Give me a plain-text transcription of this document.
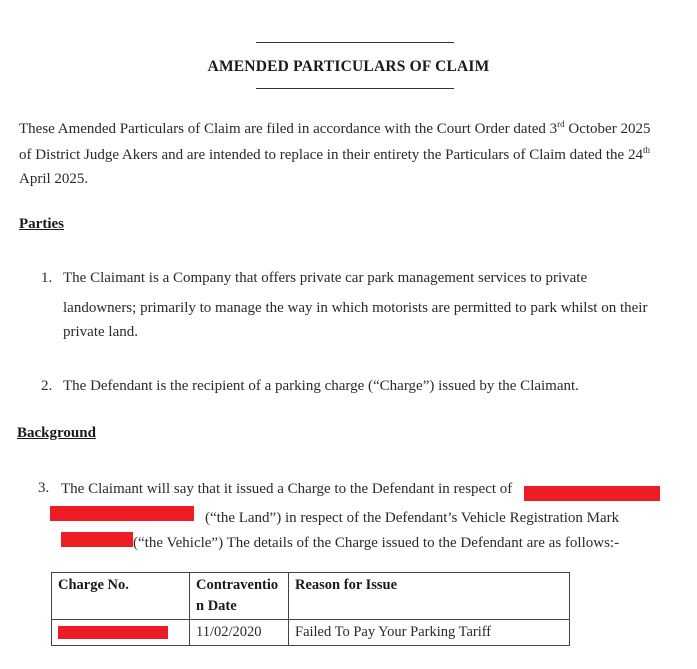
AMENDED PARTICULARS OF CLAIM
These Amended Particulars of Claim are filed in accordance with the Court Order dated 3rd October 2025
of District Judge Akers and are intended to replace in their entirety the Particulars of Claim dated the 24th
April 2025.
Parties
1. The Claimant is a Company that offers private car park management services to private
landowners; primarily to manage the way in which motorists are permitted to park whilst on their
private land.
2. The Defendant is the recipient of a parking charge (“Charge”) issued by the Claimant.
Background
3. The Claimant will say that it issued a Charge to the Defendant in respect of
(“the Land”) in respect of the Defendant’s Vehicle Registration Mark
(“the Vehicle”) The details of the Charge issued to the Defendant are as follows:-
Charge No.	Contraventio n Date	Reason for Issue
	11/02/2020	Failed To Pay Your Parking Tariff
